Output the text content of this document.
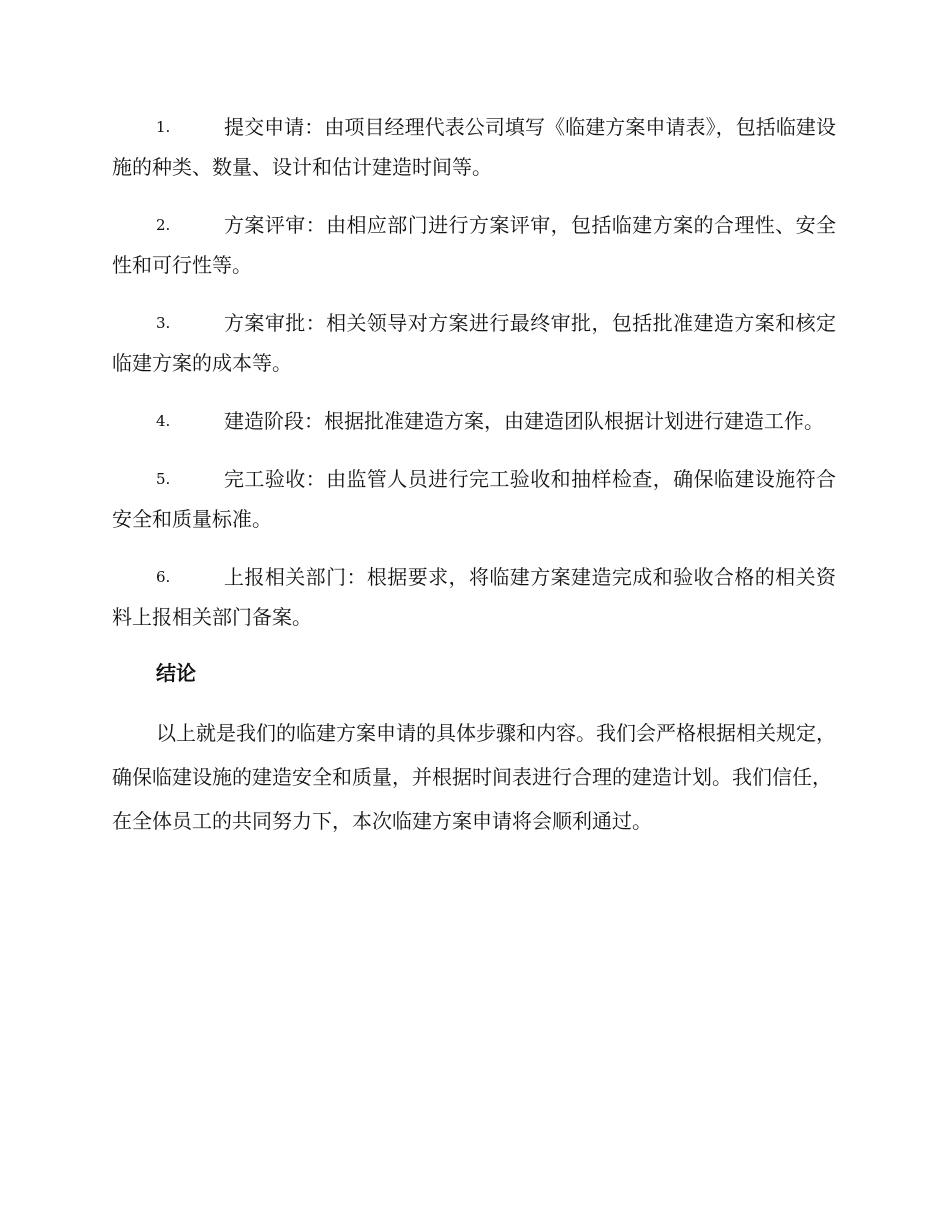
1.	提交申请：由项目经理代表公司填写《临建方案申请表》，包括临建设施的种类、数量、设计和估计建造时间等。
2.	方案评审：由相应部门进行方案评审，包括临建方案的合理性、安全性和可行性等。
3.	方案审批：相关领导对方案进行最终审批，包括批准建造方案和核定临建方案的成本等。
4.	建造阶段：根据批准建造方案，由建造团队根据计划进行建造工作。
5.	完工验收：由监管人员进行完工验收和抽样检查，确保临建设施符合安全和质量标准。
6.	上报相关部门：根据要求，将临建方案建造完成和验收合格的相关资料上报相关部门备案。
结论

以上就是我们的临建方案申请的具体步骤和内容。我们会严格根据相关规定，确保临建设施的建造安全和质量，并根据时间表进行合理的建造计划。我们信任，在全体员工的共同努力下，本次临建方案申请将会顺利通过。
